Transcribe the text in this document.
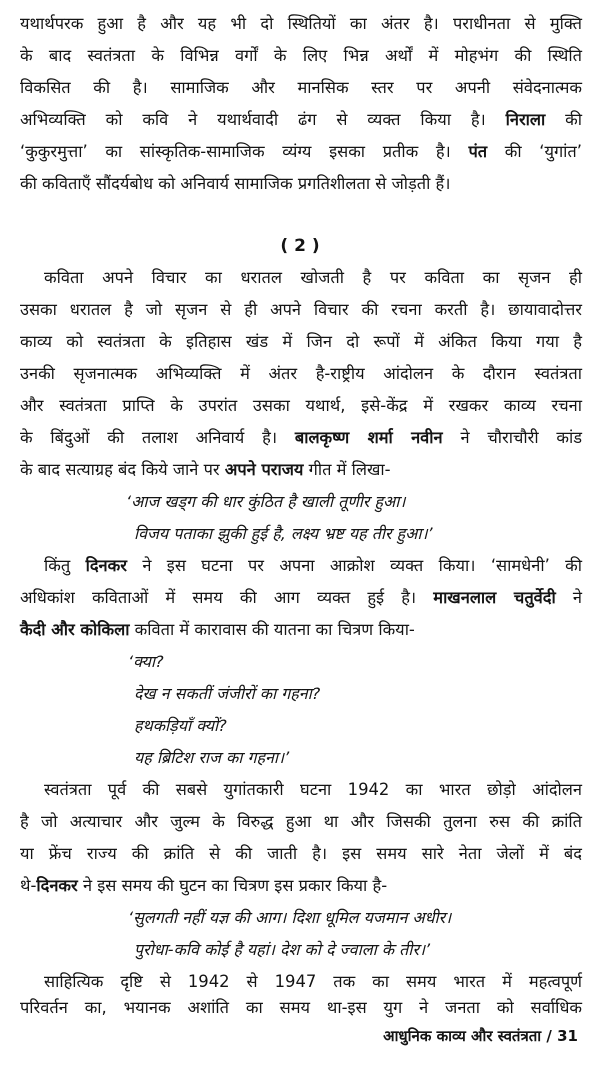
यथार्थपरक हुआ है और यह भी दो स्थितियों का अंतर है। पराधीनता से मुक्ति
के बाद स्वतंत्रता के विभिन्न वर्गों के लिए भिन्न अर्थों में मोहभंग की स्थिति
विकसित की है। सामाजिक और मानसिक स्तर पर अपनी संवेदनात्मक
अभिव्यक्ति को कवि ने यथार्थवादी ढंग से व्यक्त किया है। निराला की
‘कुकुरमुत्ता’ का सांस्कृतिक-सामाजिक व्यंग्य इसका प्रतीक है। पंत की ‘युगांत’
की कविताएँ सौंदर्यबोध को अनिवार्य सामाजिक प्रगतिशीलता से जोड़ती हैं।
( 2 )
कविता अपने विचार का धरातल खोजती है पर कविता का सृजन ही
उसका धरातल है जो सृजन से ही अपने विचार की रचना करती है। छायावादोत्तर
काव्य को स्वतंत्रता के इतिहास खंड में जिन दो रूपों में अंकित किया गया है
उनकी सृजनात्मक अभिव्यक्ति में अंतर है-राष्ट्रीय आंदोलन के दौरान स्वतंत्रता
और स्वतंत्रता प्राप्ति के उपरांत उसका यथार्थ, इसे-केंद्र में रखकर काव्य रचना
के बिंदुओं की तलाश अनिवार्य है। बालकृष्ण शर्मा नवीन ने चौराचौरी कांड
के बाद सत्याग्रह बंद किये जाने पर अपने पराजय गीत में लिखा-
‘आज खड्ग की धार कुंठित है खाली तूणीर हुआ।
विजय पताका झुकी हुई है, लक्ष्य भ्रष्ट यह तीर हुआ।’
किंतु दिनकर ने इस घटना पर अपना आक्रोश व्यक्त किया। ‘सामधेनी’ की
अधिकांश कविताओं में समय की आग व्यक्त हुई है। माखनलाल चतुर्वेदी ने
कैदी और कोकिला कविता में कारावास की यातना का चित्रण किया-
‘क्या?
देख न सकतीं जंजीरों का गहना?
हथकड़ियाँ क्यों?
यह ब्रिटिश राज का गहना।’
स्वतंत्रता पूर्व की सबसे युगांतकारी घटना 1942 का भारत छोड़ो आंदोलन
है जो अत्याचार और जुल्म के विरुद्ध हुआ था और जिसकी तुलना रुस की क्रांति
या फ्रेंच राज्य की क्रांति से की जाती है। इस समय सारे नेता जेलों में बंद
थे-दिनकर ने इस समय की घुटन का चित्रण इस प्रकार किया है-
‘सुलगती नहीं यज्ञ की आग। दिशा धूमिल यजमान अधीर।
पुरोधा-कवि कोई है यहां। देश को दे ज्वाला के तीर।’
साहित्यिक दृष्टि से 1942 से 1947 तक का समय भारत में महत्वपूर्ण
परिवर्तन का, भयानक अशांति का समय था-इस युग ने जनता को सर्वाधिक
आधुनिक काव्य और स्वतंत्रता / 31
